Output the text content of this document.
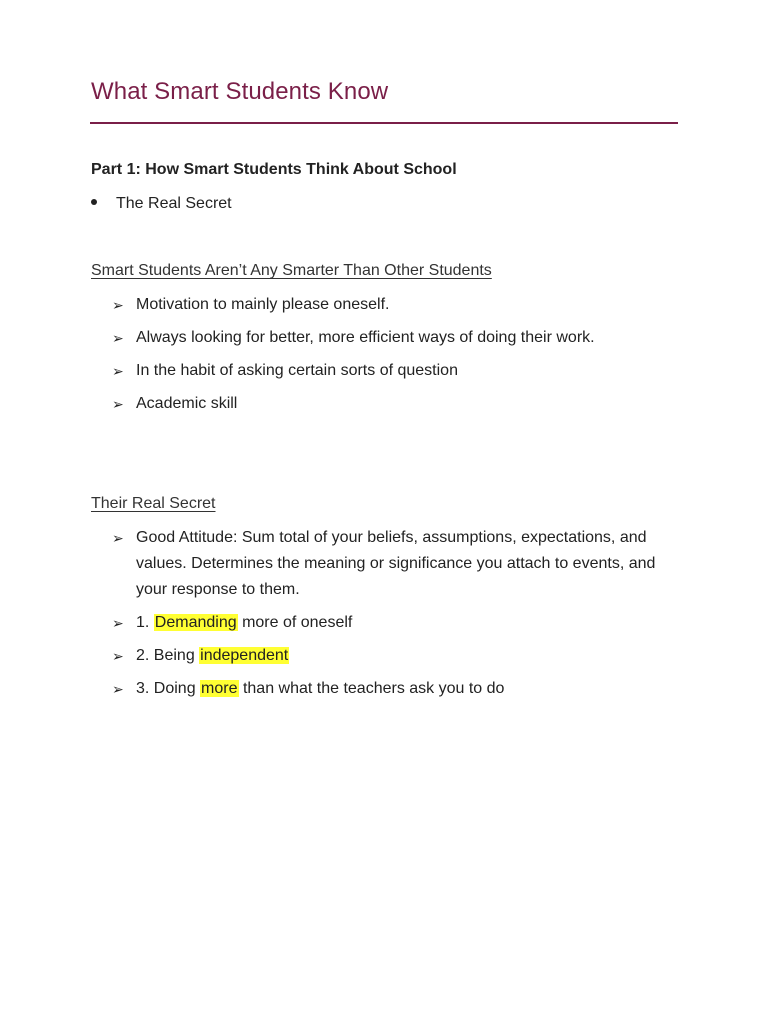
What Smart Students Know
Part 1: How Smart Students Think About School
The Real Secret
Smart Students Aren’t Any Smarter Than Other Students
➢ Motivation to mainly please oneself.
➢ Always looking for better, more efficient ways of doing their work.
➢ In the habit of asking certain sorts of question
➢ Academic skill
Their Real Secret
➢ Good Attitude: Sum total of your beliefs, assumptions, expectations, and values. Determines the meaning or significance you attach to events, and your response to them.
➢ 1. Demanding more of oneself
➢ 2. Being independent
➢ 3. Doing more than what the teachers ask you to do
